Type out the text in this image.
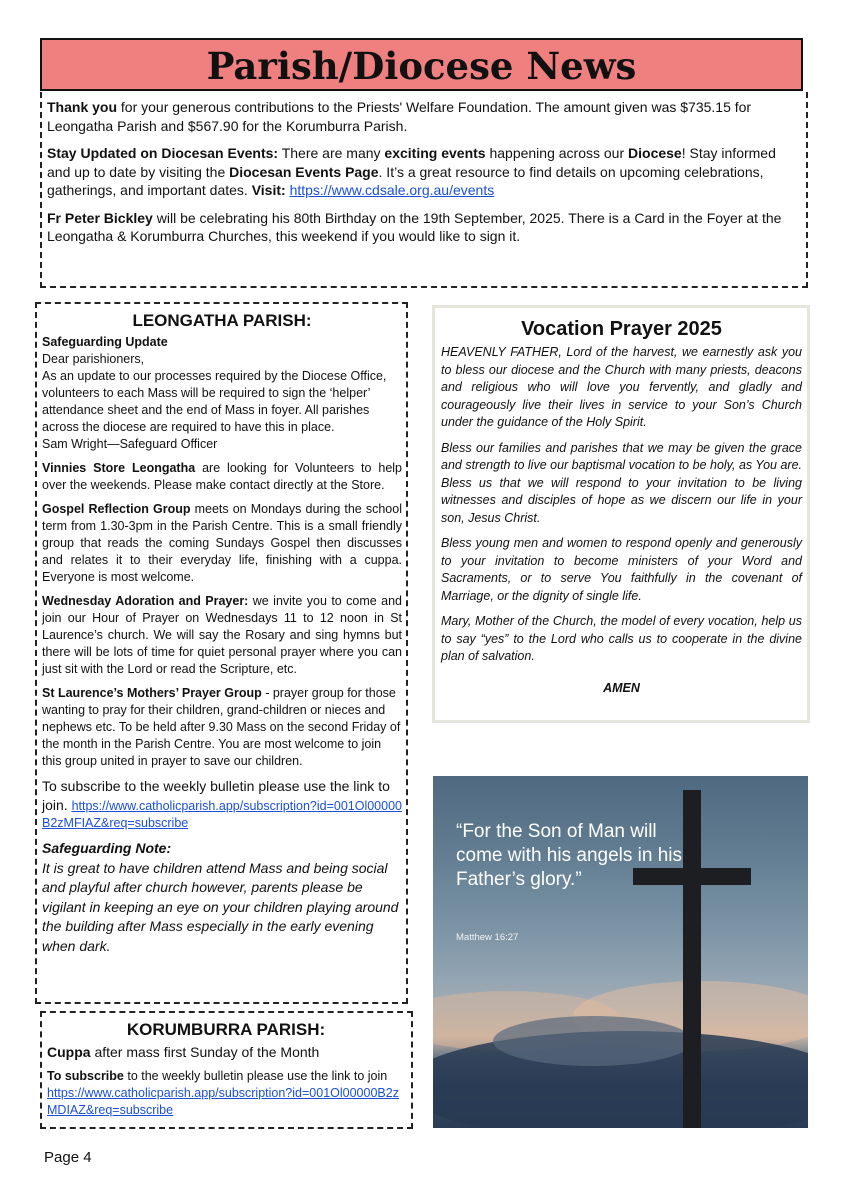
Parish/Diocese News

Thank you for your generous contributions to the Priests' Welfare Foundation. The amount given was $735.15 for Leongatha Parish and $567.90 for the Korumburra Parish.

Stay Updated on Diocesan Events: There are many exciting events happening across our Diocese! Stay informed and up to date by visiting the Diocesan Events Page. It’s a great resource to find details on upcoming celebrations, gatherings, and important dates. Visit: https://www.cdsale.org.au/events

Fr Peter Bickley will be celebrating his 80th Birthday on the 19th September, 2025. There is a Card in the Foyer at the Leongatha & Korumburra Churches, this weekend if you would like to sign it.

LEONGATHA PARISH:
Safeguarding Update
Dear parishioners,
As an update to our processes required by the Diocese Office, volunteers to each Mass will be required to sign the ‘helper’ attendance sheet and the end of Mass in foyer. All parishes across the diocese are required to have this in place.
Sam Wright—Safeguard Officer

Vinnies Store Leongatha are looking for Volunteers to help over the weekends. Please make contact directly at the Store.

Gospel Reflection Group meets on Mondays during the school term from 1.30-3pm in the Parish Centre. This is a small friendly group that reads the coming Sundays Gospel then discusses and relates it to their everyday life, finishing with a cuppa. Everyone is most welcome.

Wednesday Adoration and Prayer: we invite you to come and join our Hour of Prayer on Wednesdays 11 to 12 noon in St Laurence’s church. We will say the Rosary and sing hymns but there will be lots of time for quiet personal prayer where you can just sit with the Lord or read the Scripture, etc.

St Laurence’s Mothers’ Prayer Group - prayer group for those wanting to pray for their children, grand-children or nieces and nephews etc. To be held after 9.30 Mass on the second Friday of the month in the Parish Centre. You are most welcome to join this group united in prayer to save our children.

To subscribe to the weekly bulletin please use the link to join. https://www.catholicparish.app/subscription?id=001Ol00000B2zMFIAZ&req=subscribe

Safeguarding Note:

It is great to have children attend Mass and being social and playful after church however, parents please be vigilant in keeping an eye on your children playing around the building after Mass especially in the early evening when dark.

KORUMBURRA PARISH:

Cuppa after mass first Sunday of the Month

To subscribe to the weekly bulletin please use the link to join
https://www.catholicparish.app/subscription?id=001Ol00000B2zMDIAZ&req=subscribe

Vocation Prayer 2025

HEAVENLY FATHER, Lord of the harvest, we earnestly ask you to bless our diocese and the Church with many priests, deacons and religious who will love you fervently, and gladly and courageously live their lives in service to your Son’s Church under the guidance of the Holy Spirit.

Bless our families and parishes that we may be given the grace and strength to live our baptismal vocation to be holy, as You are. Bless us that we will respond to your invitation to be living witnesses and disciples of hope as we discern our life in your son, Jesus Christ.

Bless young men and women to respond openly and generously to your invitation to become ministers of your Word and Sacraments, or to serve You faithfully in the covenant of Marriage, or the dignity of single life.

Mary, Mother of the Church, the model of every vocation, help us to say “yes” to the Lord who calls us to cooperate in the divine plan of salvation.

AMEN

“For the Son of Man will come with his angels in his Father’s glory.”
Matthew 16:27
Page 4
